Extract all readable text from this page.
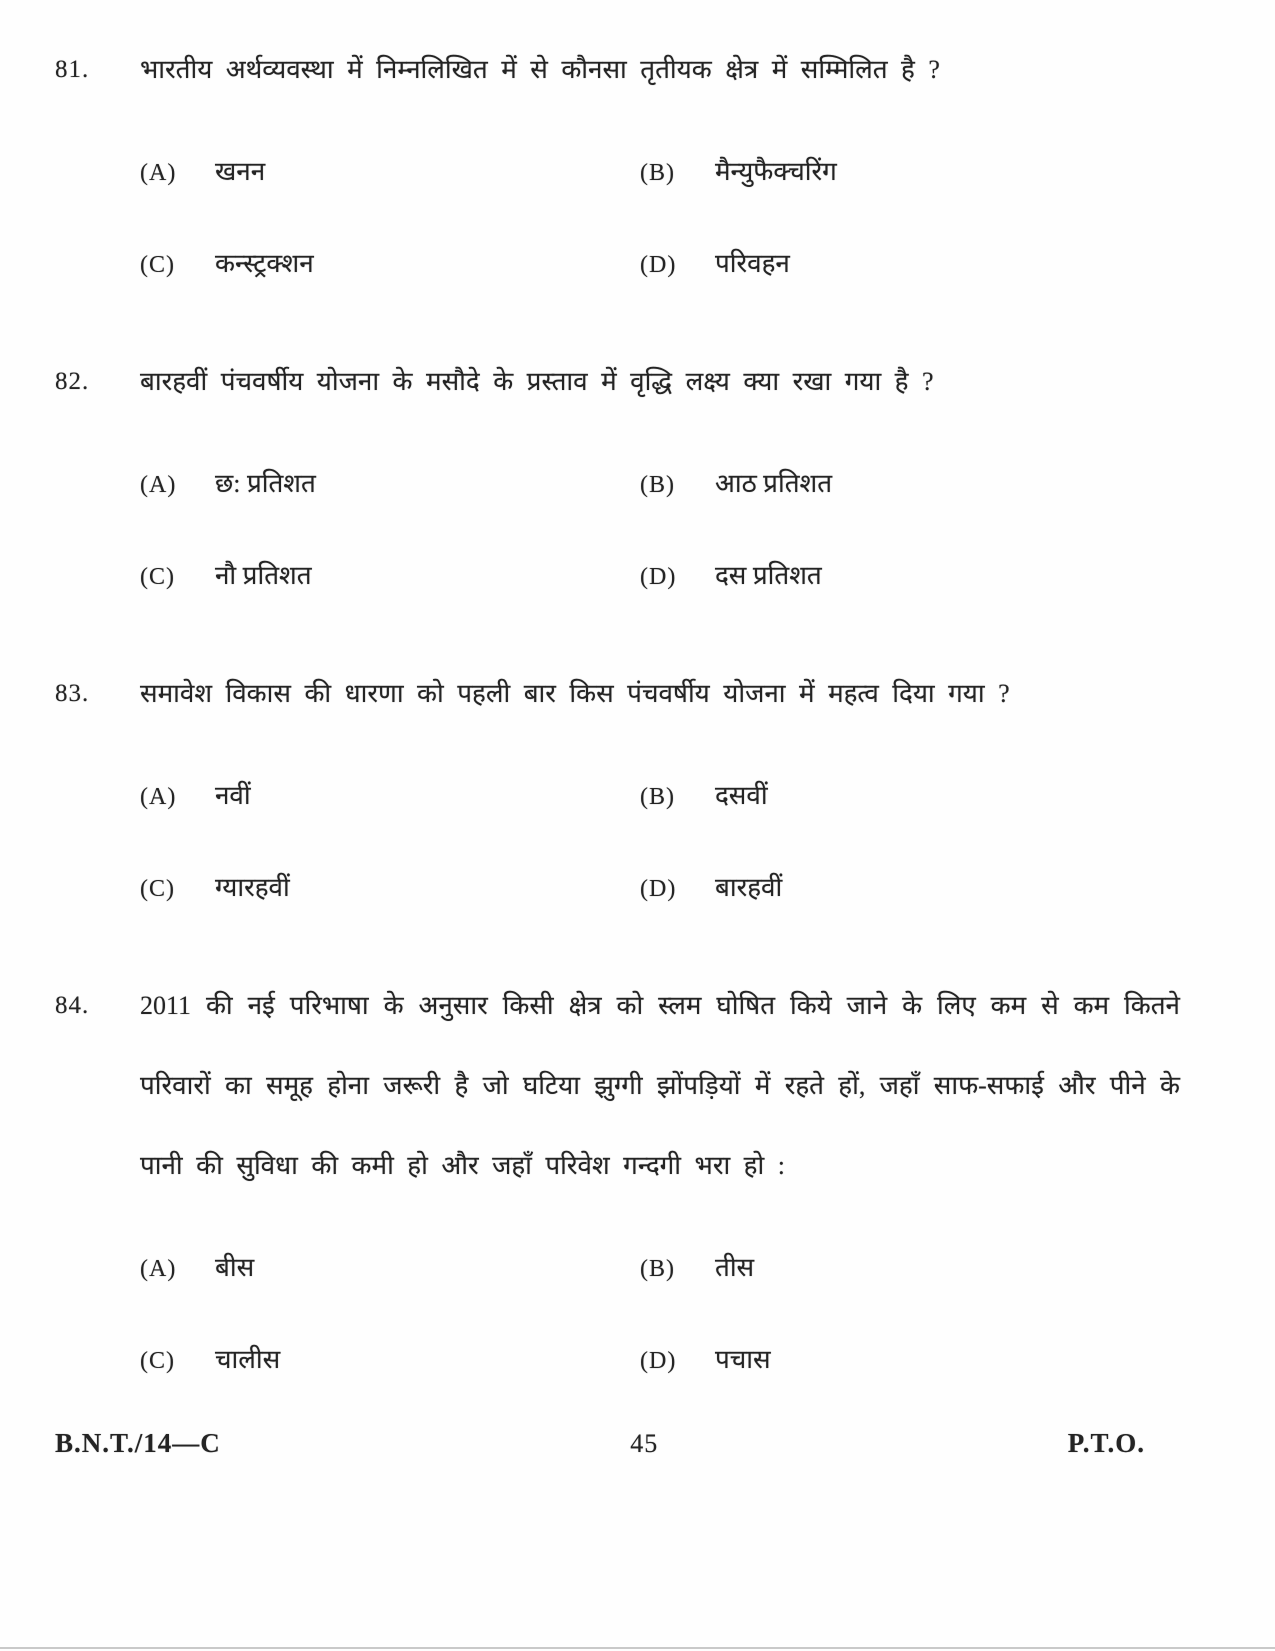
81.	भारतीय अर्थव्यवस्था में निम्नलिखित में से कौनसा तृतीयक क्षेत्र में सम्मिलित है ?
(A)	खनन	(B)	मैन्युफैक्चरिंग
(C)	कन्स्ट्रक्शन	(D)	परिवहन
82.	बारहवीं पंचवर्षीय योजना के मसौदे के प्रस्ताव में वृद्धि लक्ष्य क्या रखा गया है ?
(A)	छ: प्रतिशत	(B)	आठ प्रतिशत
(C)	नौ प्रतिशत	(D)	दस प्रतिशत
83.	समावेश विकास की धारणा को पहली बार किस पंचवर्षीय योजना में महत्व दिया गया ?
(A)	नवीं	(B)	दसवीं
(C)	ग्यारहवीं	(D)	बारहवीं
84.	2011 की नई परिभाषा के अनुसार किसी क्षेत्र को स्लम घोषित किये जाने के लिए कम से कम कितने परिवारों का समूह होना जरूरी है जो घटिया झुग्गी झोंपड़ियों में रहते हों, जहाँ साफ-सफाई और पीने के पानी की सुविधा की कमी हो और जहाँ परिवेश गन्दगी भरा हो :
(A)	बीस	(B)	तीस
(C)	चालीस	(D)	पचास
B.N.T./14—C	45	P.T.O.
